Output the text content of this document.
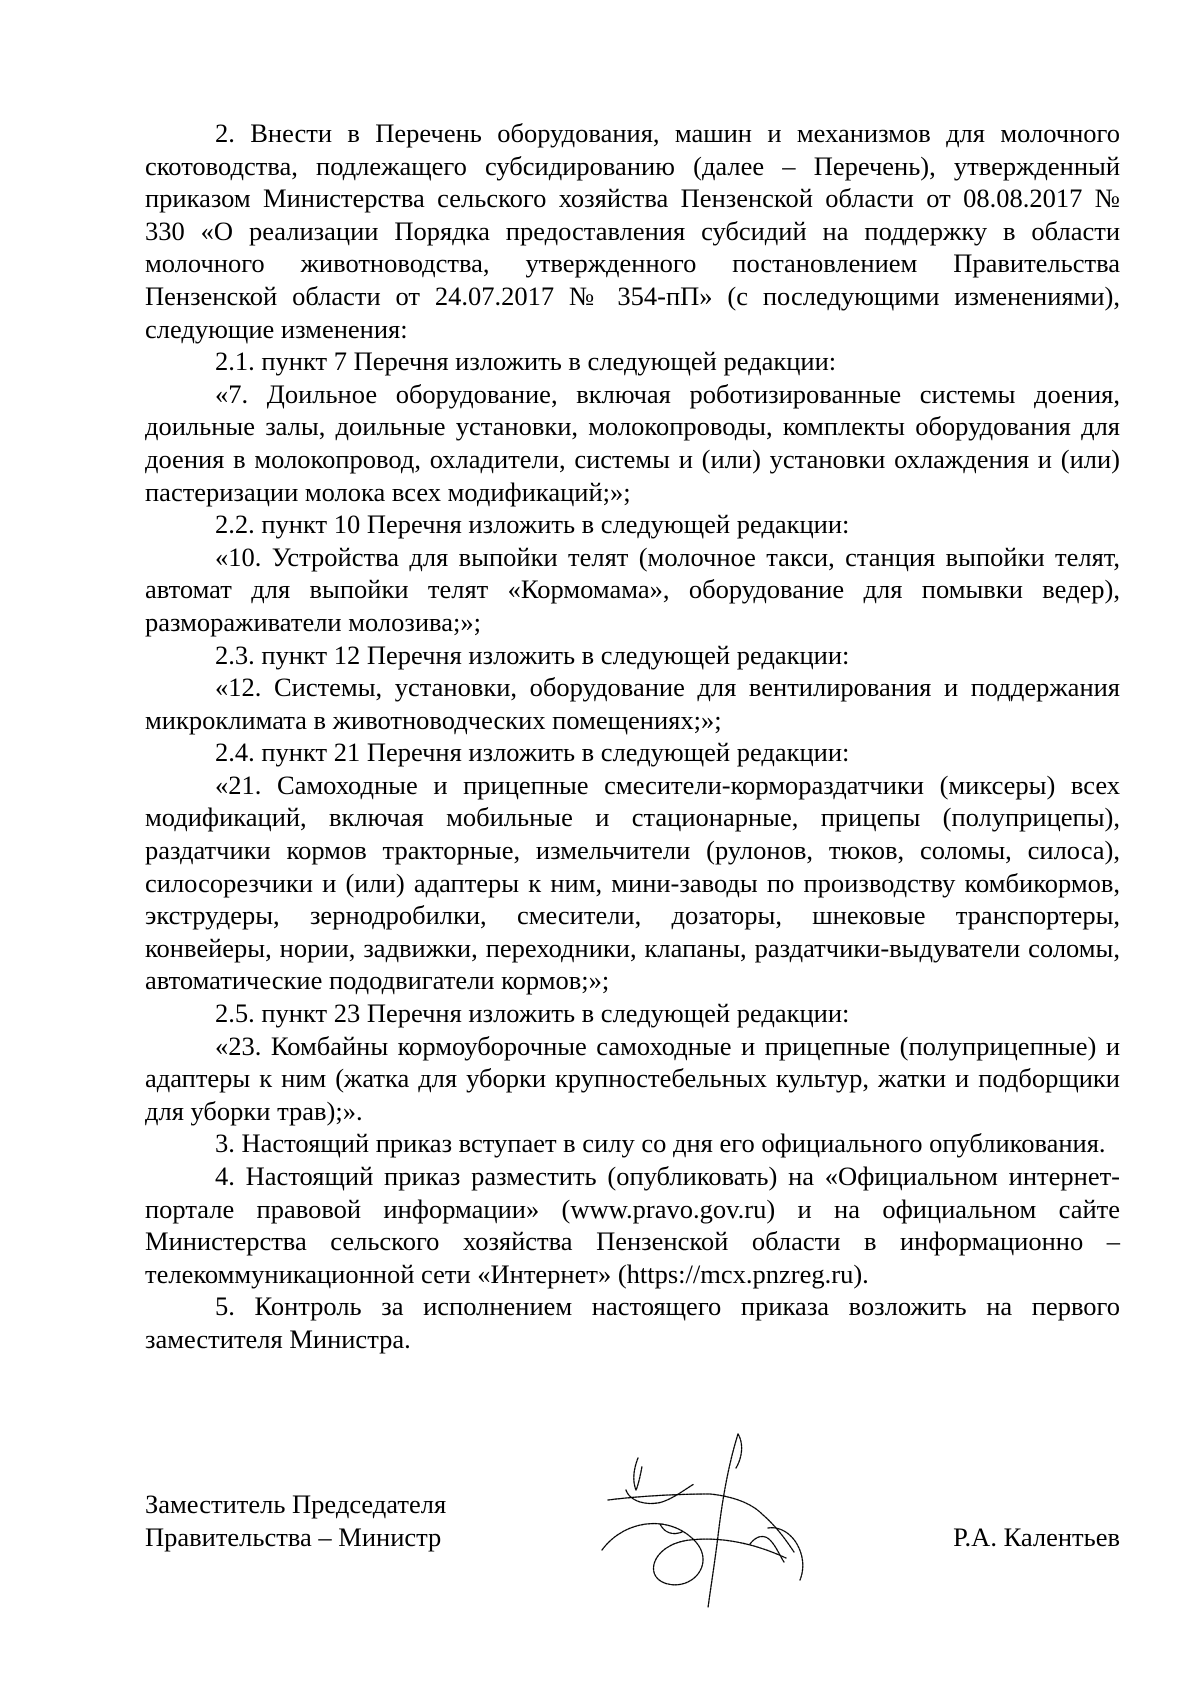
2. Внести в Перечень оборудования, машин и механизмов для молочного скотоводства, подлежащего субсидированию (далее – Перечень), утвержденный приказом Министерства сельского хозяйства Пензенской области от 08.08.2017 № 330 «О реализации Порядка предоставления субсидий на поддержку в области молочного животноводства, утвержденного постановлением Правительства Пензенской области от 24.07.2017 № 354-пП» (с последующими изменениями), следующие изменения:

2.1. пункт 7 Перечня изложить в следующей редакции:

«7. Доильное оборудование, включая роботизированные системы доения, доильные залы, доильные установки, молокопроводы, комплекты оборудования для доения в молокопровод, охладители, системы и (или) установки охлаждения и (или) пастеризации молока всех модификаций;»;

2.2. пункт 10 Перечня изложить в следующей редакции:

«10. Устройства для выпойки телят (молочное такси, станция выпойки телят, автомат для выпойки телят «Кормомама», оборудование для помывки ведер), размораживатели молозива;»;

2.3. пункт 12 Перечня изложить в следующей редакции:

«12. Системы, установки, оборудование для вентилирования и поддержания микроклимата в животноводческих помещениях;»;

2.4. пункт 21 Перечня изложить в следующей редакции:

«21. Самоходные и прицепные смесители-кормораздатчики (миксеры) всех модификаций, включая мобильные и стационарные, прицепы (полуприцепы), раздатчики кормов тракторные, измельчители (рулонов, тюков, соломы, силоса), силосорезчики и (или) адаптеры к ним, мини-заводы по производству комбикормов, экструдеры, зернодробилки, смесители, дозаторы, шнековые транспортеры, конвейеры, нории, задвижки, переходники, клапаны, раздатчики-выдуватели соломы, автоматические пододвигатели кормов;»;

2.5. пункт 23 Перечня изложить в следующей редакции:

«23. Комбайны кормоуборочные самоходные и прицепные (полуприцепные) и адаптеры к ним (жатка для уборки крупностебельных культур, жатки и подборщики для уборки трав);».

3. Настоящий приказ вступает в силу со дня его официального опубликования.

4. Настоящий приказ разместить (опубликовать) на «Официальном интернет-портале правовой информации» (www.pravo.gov.ru) и на официальном сайте Министерства сельского хозяйства Пензенской области в информационно – телекоммуникационной сети «Интернет» (https://mcx.pnzreg.ru).

5. Контроль за исполнением настоящего приказа возложить на первого заместителя Министра.

Заместитель Председателя
Правительства – Министр	Р.А. Калентьев
